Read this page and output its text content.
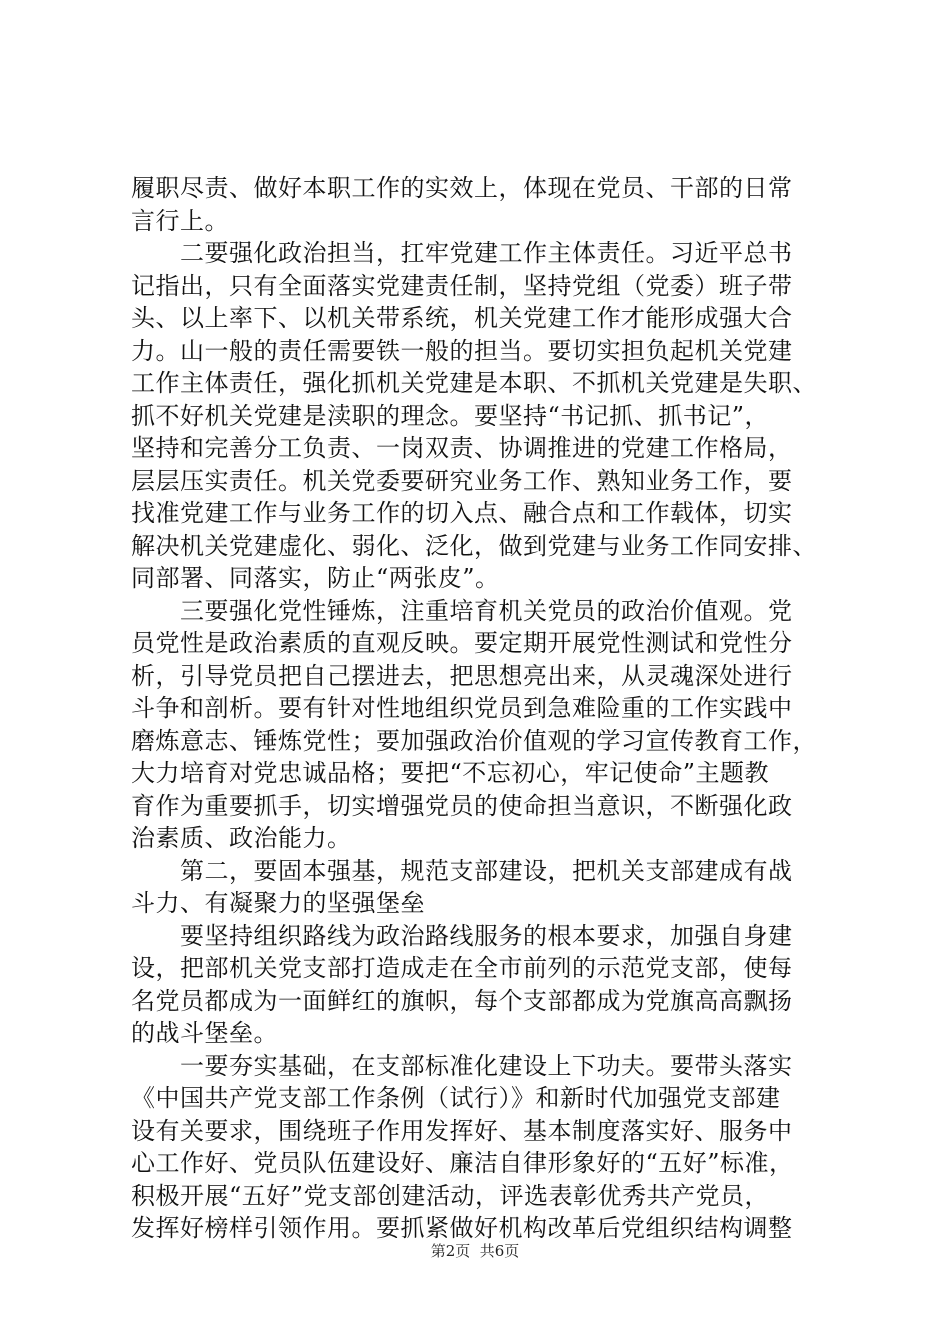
履职尽责、做好本职工作的实效上，体现在党员、干部的日常
言行上。
　　二要强化政治担当，扛牢党建工作主体责任。习近平总书
记指出，只有全面落实党建责任制，坚持党组（党委）班子带
头、以上率下、以机关带系统，机关党建工作才能形成强大合
力。山一般的责任需要铁一般的担当。要切实担负起机关党建
工作主体责任，强化抓机关党建是本职、不抓机关党建是失职、
抓不好机关党建是渎职的理念。要坚持“书记抓、抓书记”，
坚持和完善分工负责、一岗双责、协调推进的党建工作格局，
层层压实责任。机关党委要研究业务工作、熟知业务工作，要
找准党建工作与业务工作的切入点、融合点和工作载体，切实
解决机关党建虚化、弱化、泛化，做到党建与业务工作同安排、
同部署、同落实，防止“两张皮”。
　　三要强化党性锤炼，注重培育机关党员的政治价值观。党
员党性是政治素质的直观反映。要定期开展党性测试和党性分
析，引导党员把自己摆进去，把思想亮出来，从灵魂深处进行
斗争和剖析。要有针对性地组织党员到急难险重的工作实践中
磨炼意志、锤炼党性；要加强政治价值观的学习宣传教育工作，
大力培育对党忠诚品格；要把“不忘初心，牢记使命”主题教
育作为重要抓手，切实增强党员的使命担当意识，不断强化政
治素质、政治能力。
　　第二，要固本强基，规范支部建设，把机关支部建成有战
斗力、有凝聚力的坚强堡垒
　　要坚持组织路线为政治路线服务的根本要求，加强自身建
设，把部机关党支部打造成走在全市前列的示范党支部，使每
名党员都成为一面鲜红的旗帜，每个支部都成为党旗高高飘扬
的战斗堡垒。
　　一要夯实基础，在支部标准化建设上下功夫。要带头落实
《中国共产党支部工作条例（试行）》和新时代加强党支部建
设有关要求，围绕班子作用发挥好、基本制度落实好、服务中
心工作好、党员队伍建设好、廉洁自律形象好的“五好”标准，
积极开展“五好”党支部创建活动，评选表彰优秀共产党员，
发挥好榜样引领作用。要抓紧做好机构改革后党组织结构调整
第2页  共6页
